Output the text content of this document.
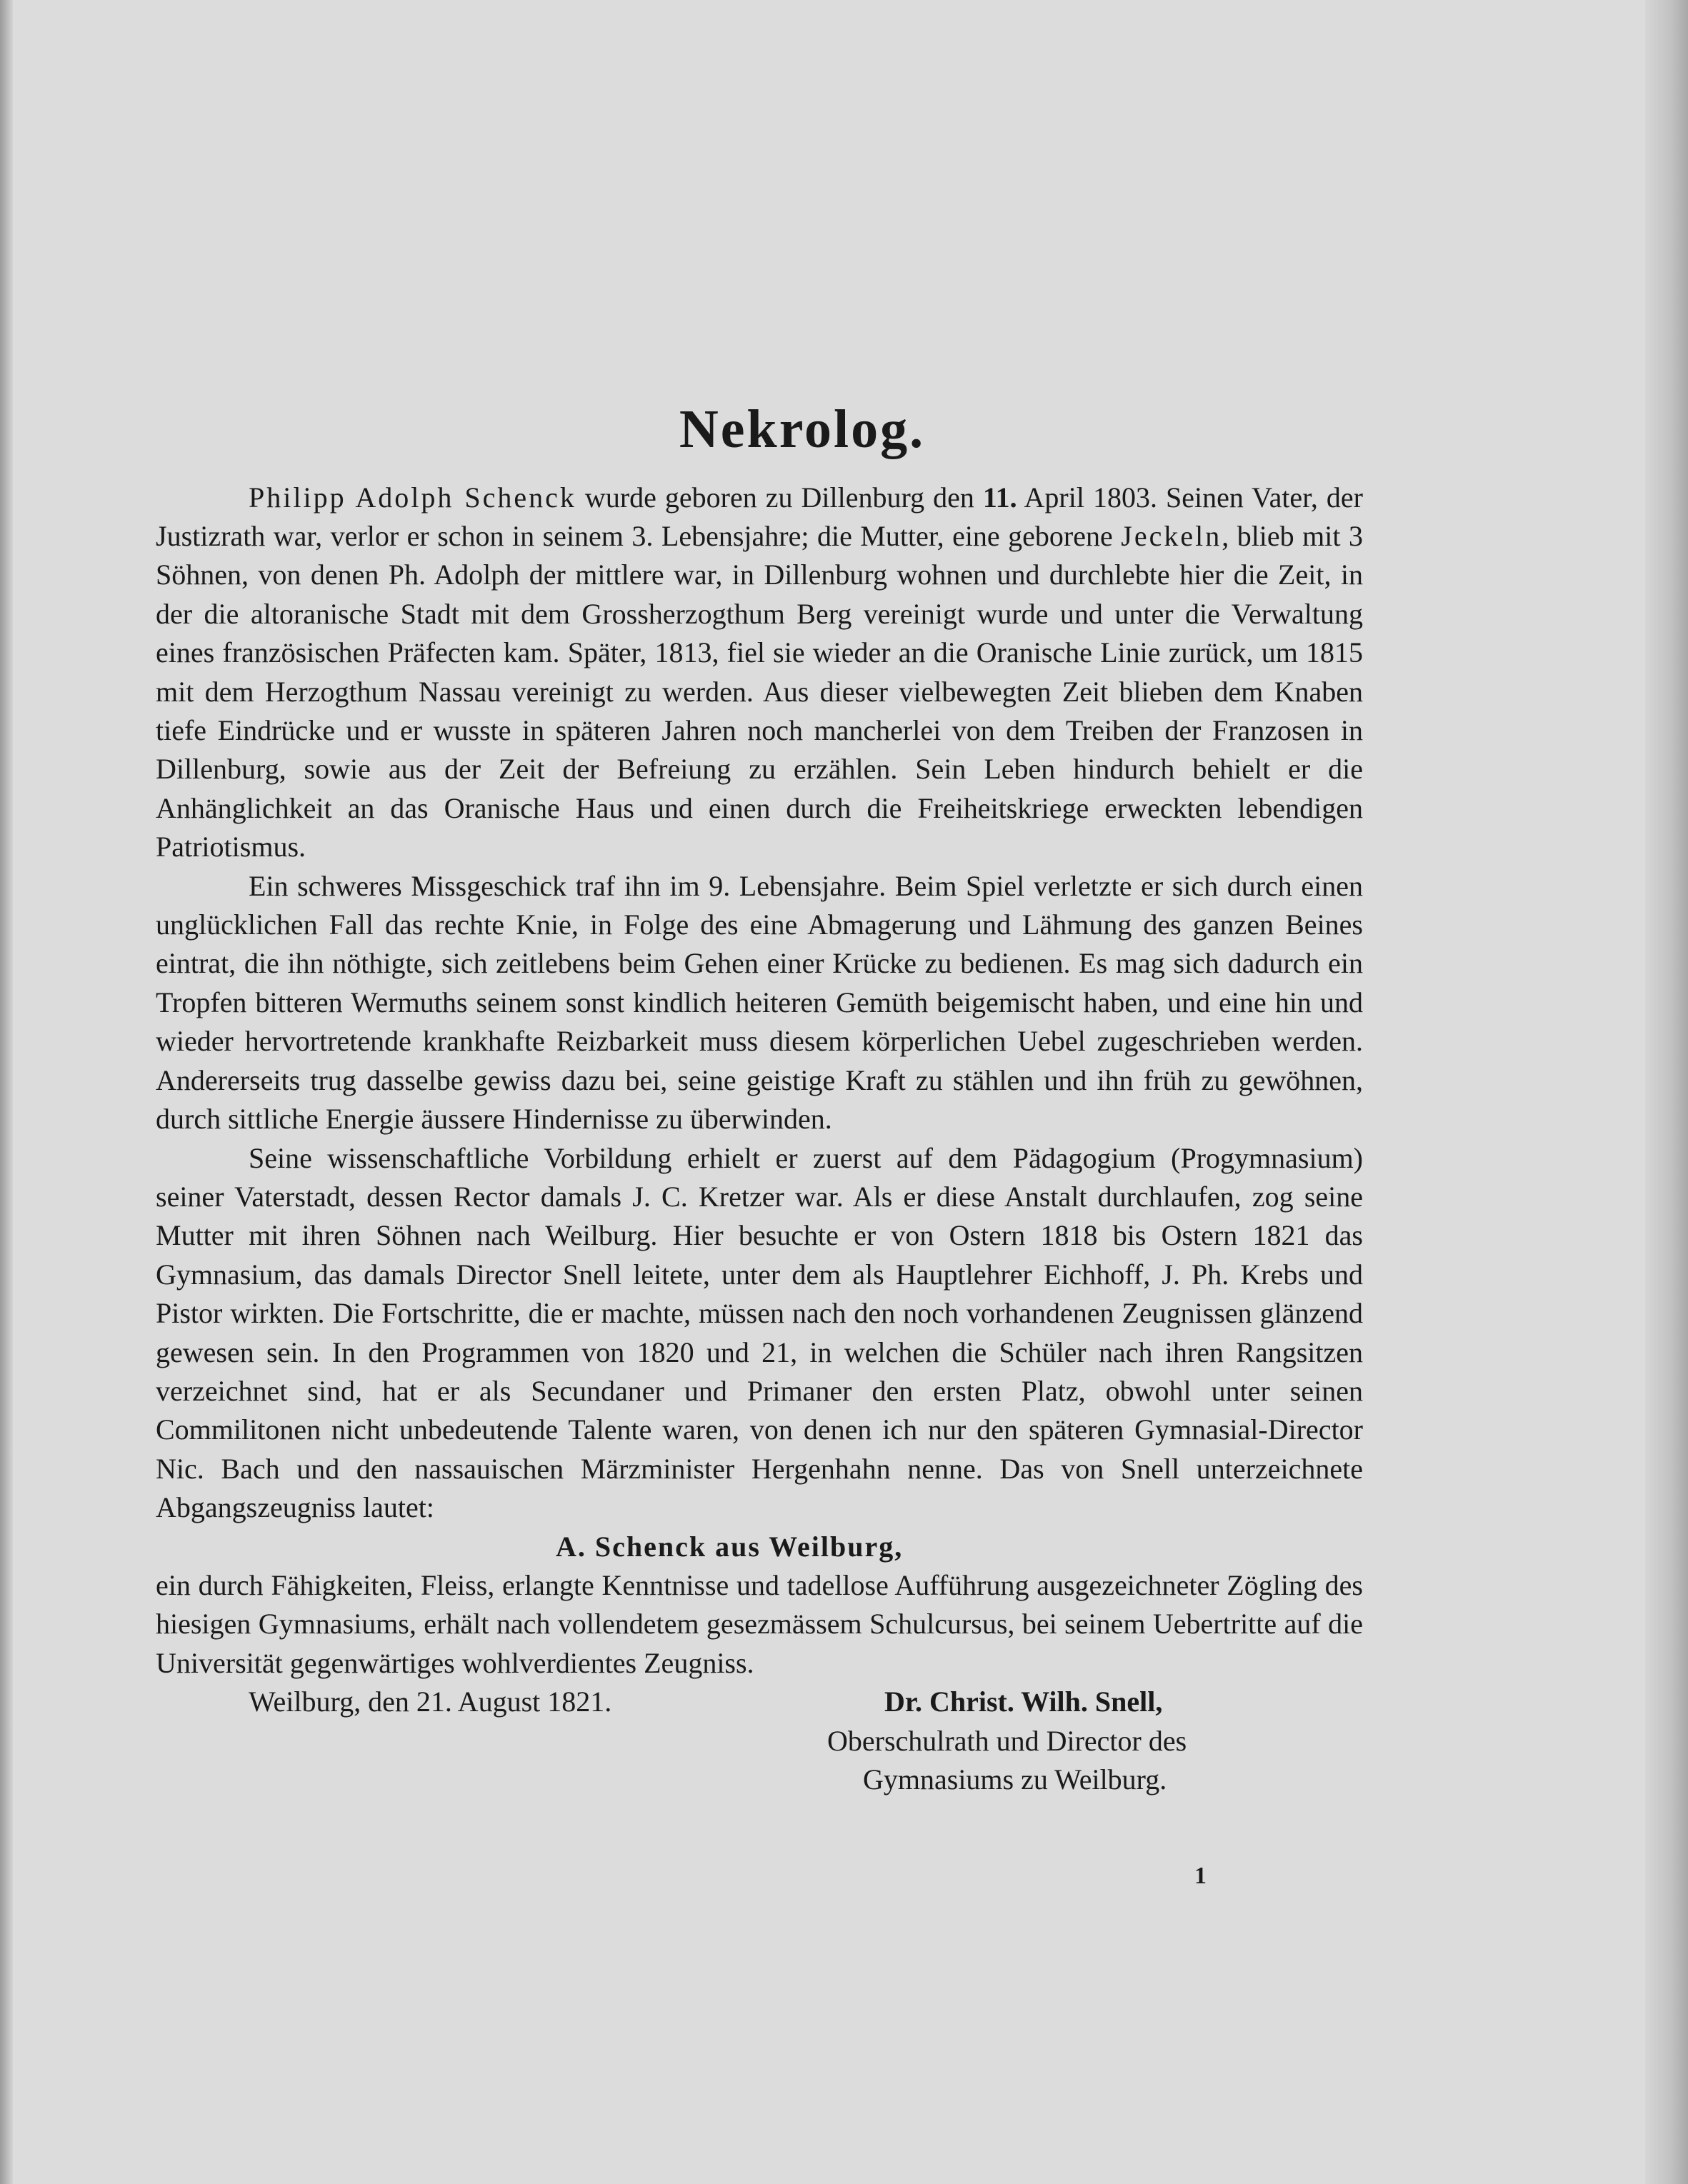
Nekrolog.

Philipp Adolph Schenck wurde geboren zu Dillenburg den 11. April 1803. Seinen Vater, der Justizrath war, verlor er schon in seinem 3. Lebensjahre; die Mutter, eine geborene Jeckeln, blieb mit 3 Söhnen, von denen Ph. Adolph der mittlere war, in Dillenburg wohnen und durchlebte hier die Zeit, in der die altoranische Stadt mit dem Grossherzogthum Berg vereinigt wurde und unter die Verwaltung eines französischen Präfecten kam. Später, 1813, fiel sie wieder an die Oranische Linie zurück, um 1815 mit dem Herzogthum Nassau vereinigt zu werden. Aus dieser vielbewegten Zeit blieben dem Knaben tiefe Eindrücke und er wusste in späteren Jahren noch mancherlei von dem Treiben der Franzosen in Dillenburg, sowie aus der Zeit der Befreiung zu erzählen. Sein Leben hindurch behielt er die Anhänglichkeit an das Oranische Haus und einen durch die Freiheitskriege erweckten lebendigen Patriotismus.

Ein schweres Missgeschick traf ihn im 9. Lebensjahre. Beim Spiel verletzte er sich durch einen unglücklichen Fall das rechte Knie, in Folge des eine Abmagerung und Lähmung des ganzen Beines eintrat, die ihn nöthigte, sich zeitlebens beim Gehen einer Krücke zu bedienen. Es mag sich dadurch ein Tropfen bitteren Wermuths seinem sonst kindlich heiteren Gemüth beigemischt haben, und eine hin und wieder hervortretende krankhafte Reizbarkeit muss diesem körperlichen Uebel zugeschrieben werden. Andererseits trug dasselbe gewiss dazu bei, seine geistige Kraft zu stählen und ihn früh zu gewöhnen, durch sittliche Energie äussere Hindernisse zu überwinden.

Seine wissenschaftliche Vorbildung erhielt er zuerst auf dem Pädagogium (Progymnasium) seiner Vaterstadt, dessen Rector damals J. C. Kretzer war. Als er diese Anstalt durchlaufen, zog seine Mutter mit ihren Söhnen nach Weilburg. Hier besuchte er von Ostern 1818 bis Ostern 1821 das Gymnasium, das damals Director Snell leitete, unter dem als Hauptlehrer Eichhoff, J. Ph. Krebs und Pistor wirkten. Die Fortschritte, die er machte, müssen nach den noch vorhandenen Zeugnissen glänzend gewesen sein. In den Programmen von 1820 und 21, in welchen die Schüler nach ihren Rangsitzen verzeichnet sind, hat er als Secundaner und Primaner den ersten Platz, obwohl unter seinen Commilitonen nicht unbedeutende Talente waren, von denen ich nur den späteren Gymnasial-Director Nic. Bach und den nassauischen Märzminister Hergenhahn nenne. Das von Snell unterzeichnete Abgangszeugniss lautet:

A. Schenck aus Weilburg,

ein durch Fähigkeiten, Fleiss, erlangte Kenntnisse und tadellose Aufführung ausgezeichneter Zögling des hiesigen Gymnasiums, erhält nach vollendetem gesezmässem Schulcursus, bei seinem Uebertritte auf die Universität gegenwärtiges wohlverdientes Zeugniss.

Weilburg, den 21. August 1821.	Dr. Christ. Wilh. Snell,
Oberschulrath und Director des
Gymnasiums zu Weilburg.
1
